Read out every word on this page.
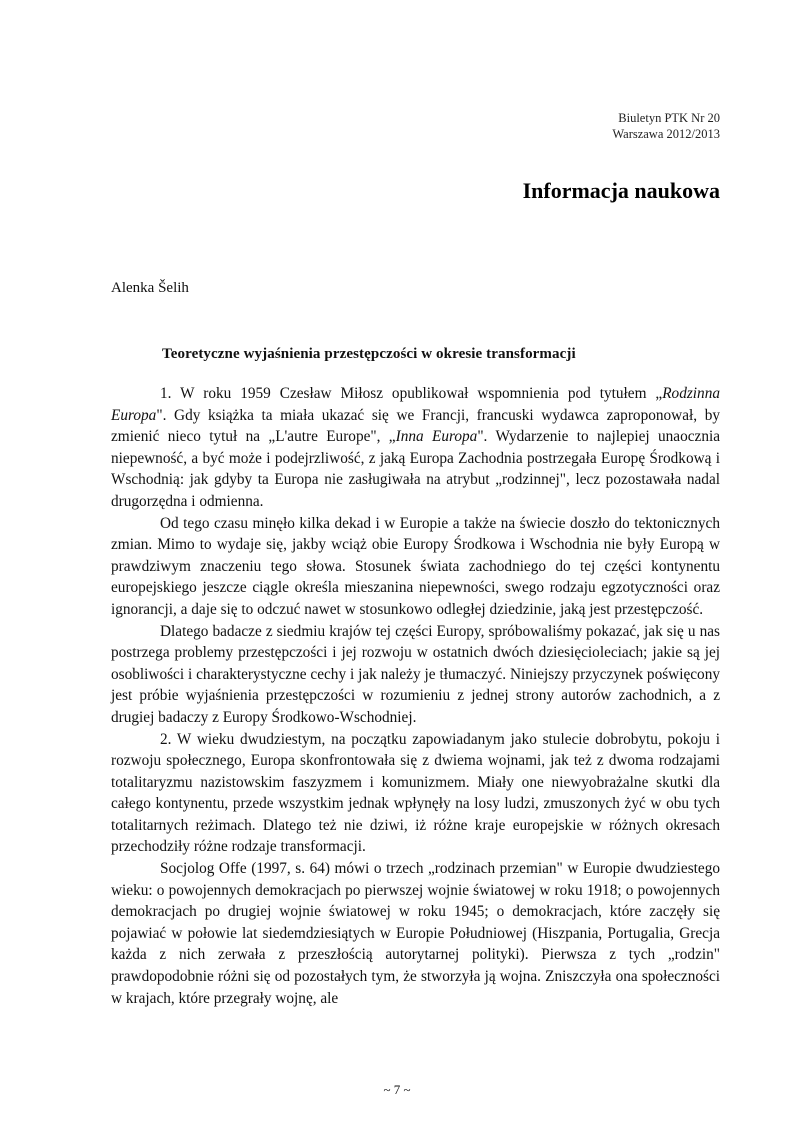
Biuletyn PTK Nr 20
Warszawa 2012/2013
Informacja naukowa
Alenka Šelih
Teoretyczne wyjaśnienia przestępczości w okresie transformacji

1. W roku 1959 Czesław Miłosz opublikował wspomnienia pod tytułem „Rodzinna Europa". Gdy książka ta miała ukazać się we Francji, francuski wydawca zaproponował, by zmienić nieco tytuł na „L'autre Europe", „Inna Europa". Wydarzenie to najlepiej unaocznia niepewność, a być może i podejrzliwość, z jaką Europa Zachodnia postrzegała Europę Środkową i Wschodnią: jak gdyby ta Europa nie zasługiwała na atrybut „rodzinnej", lecz pozostawała nadal drugorzędna i odmienna.

Od tego czasu minęło kilka dekad i w Europie a także na świecie doszło do tektonicznych zmian. Mimo to wydaje się, jakby wciąż obie Europy Środkowa i Wschodnia nie były Europą w prawdziwym znaczeniu tego słowa. Stosunek świata zachodniego do tej części kontynentu europejskiego jeszcze ciągle określa mieszanina niepewności, swego rodzaju egzotyczności oraz ignorancji, a daje się to odczuć nawet w stosunkowo odległej dziedzinie, jaką jest przestępczość.

Dlatego badacze z siedmiu krajów tej części Europy, spróbowaliśmy pokazać, jak się u nas postrzega problemy przestępczości i jej rozwoju w ostatnich dwóch dziesięcioleciach; jakie są jej osobliwości i charakterystyczne cechy i jak należy je tłumaczyć. Niniejszy przyczynek poświęcony jest próbie wyjaśnienia przestępczości w rozumieniu z jednej strony autorów zachodnich, a z drugiej badaczy z Europy Środkowo-Wschodniej.

2. W wieku dwudziestym, na początku zapowiadanym jako stulecie dobrobytu, pokoju i rozwoju społecznego, Europa skonfrontowała się z dwiema wojnami, jak też z dwoma rodzajami totalitaryzmu nazistowskim faszyzmem i komunizmem. Miały one niewyobrażalne skutki dla całego kontynentu, przede wszystkim jednak wpłynęły na losy ludzi, zmuszonych żyć w obu tych totalitarnych reżimach. Dlatego też nie dziwi, iż różne kraje europejskie w różnych okresach przechodziły różne rodzaje transformacji.

Socjolog Offe (1997, s. 64) mówi o trzech „rodzinach przemian" w Europie dwudziestego wieku: o powojennych demokracjach po pierwszej wojnie światowej w roku 1918; o powojennych demokracjach po drugiej wojnie światowej w roku 1945; o demokracjach, które zaczęły się pojawiać w połowie lat siedemdziesiątych w Europie Południowej (Hiszpania, Portugalia, Grecja każda z nich zerwała z przeszłością autorytarnej polityki). Pierwsza z tych „rodzin" prawdopodobnie różni się od pozostałych tym, że stworzyła ją wojna. Zniszczyła ona społeczności w krajach, które przegrały wojnę, ale

~ 7 ~
